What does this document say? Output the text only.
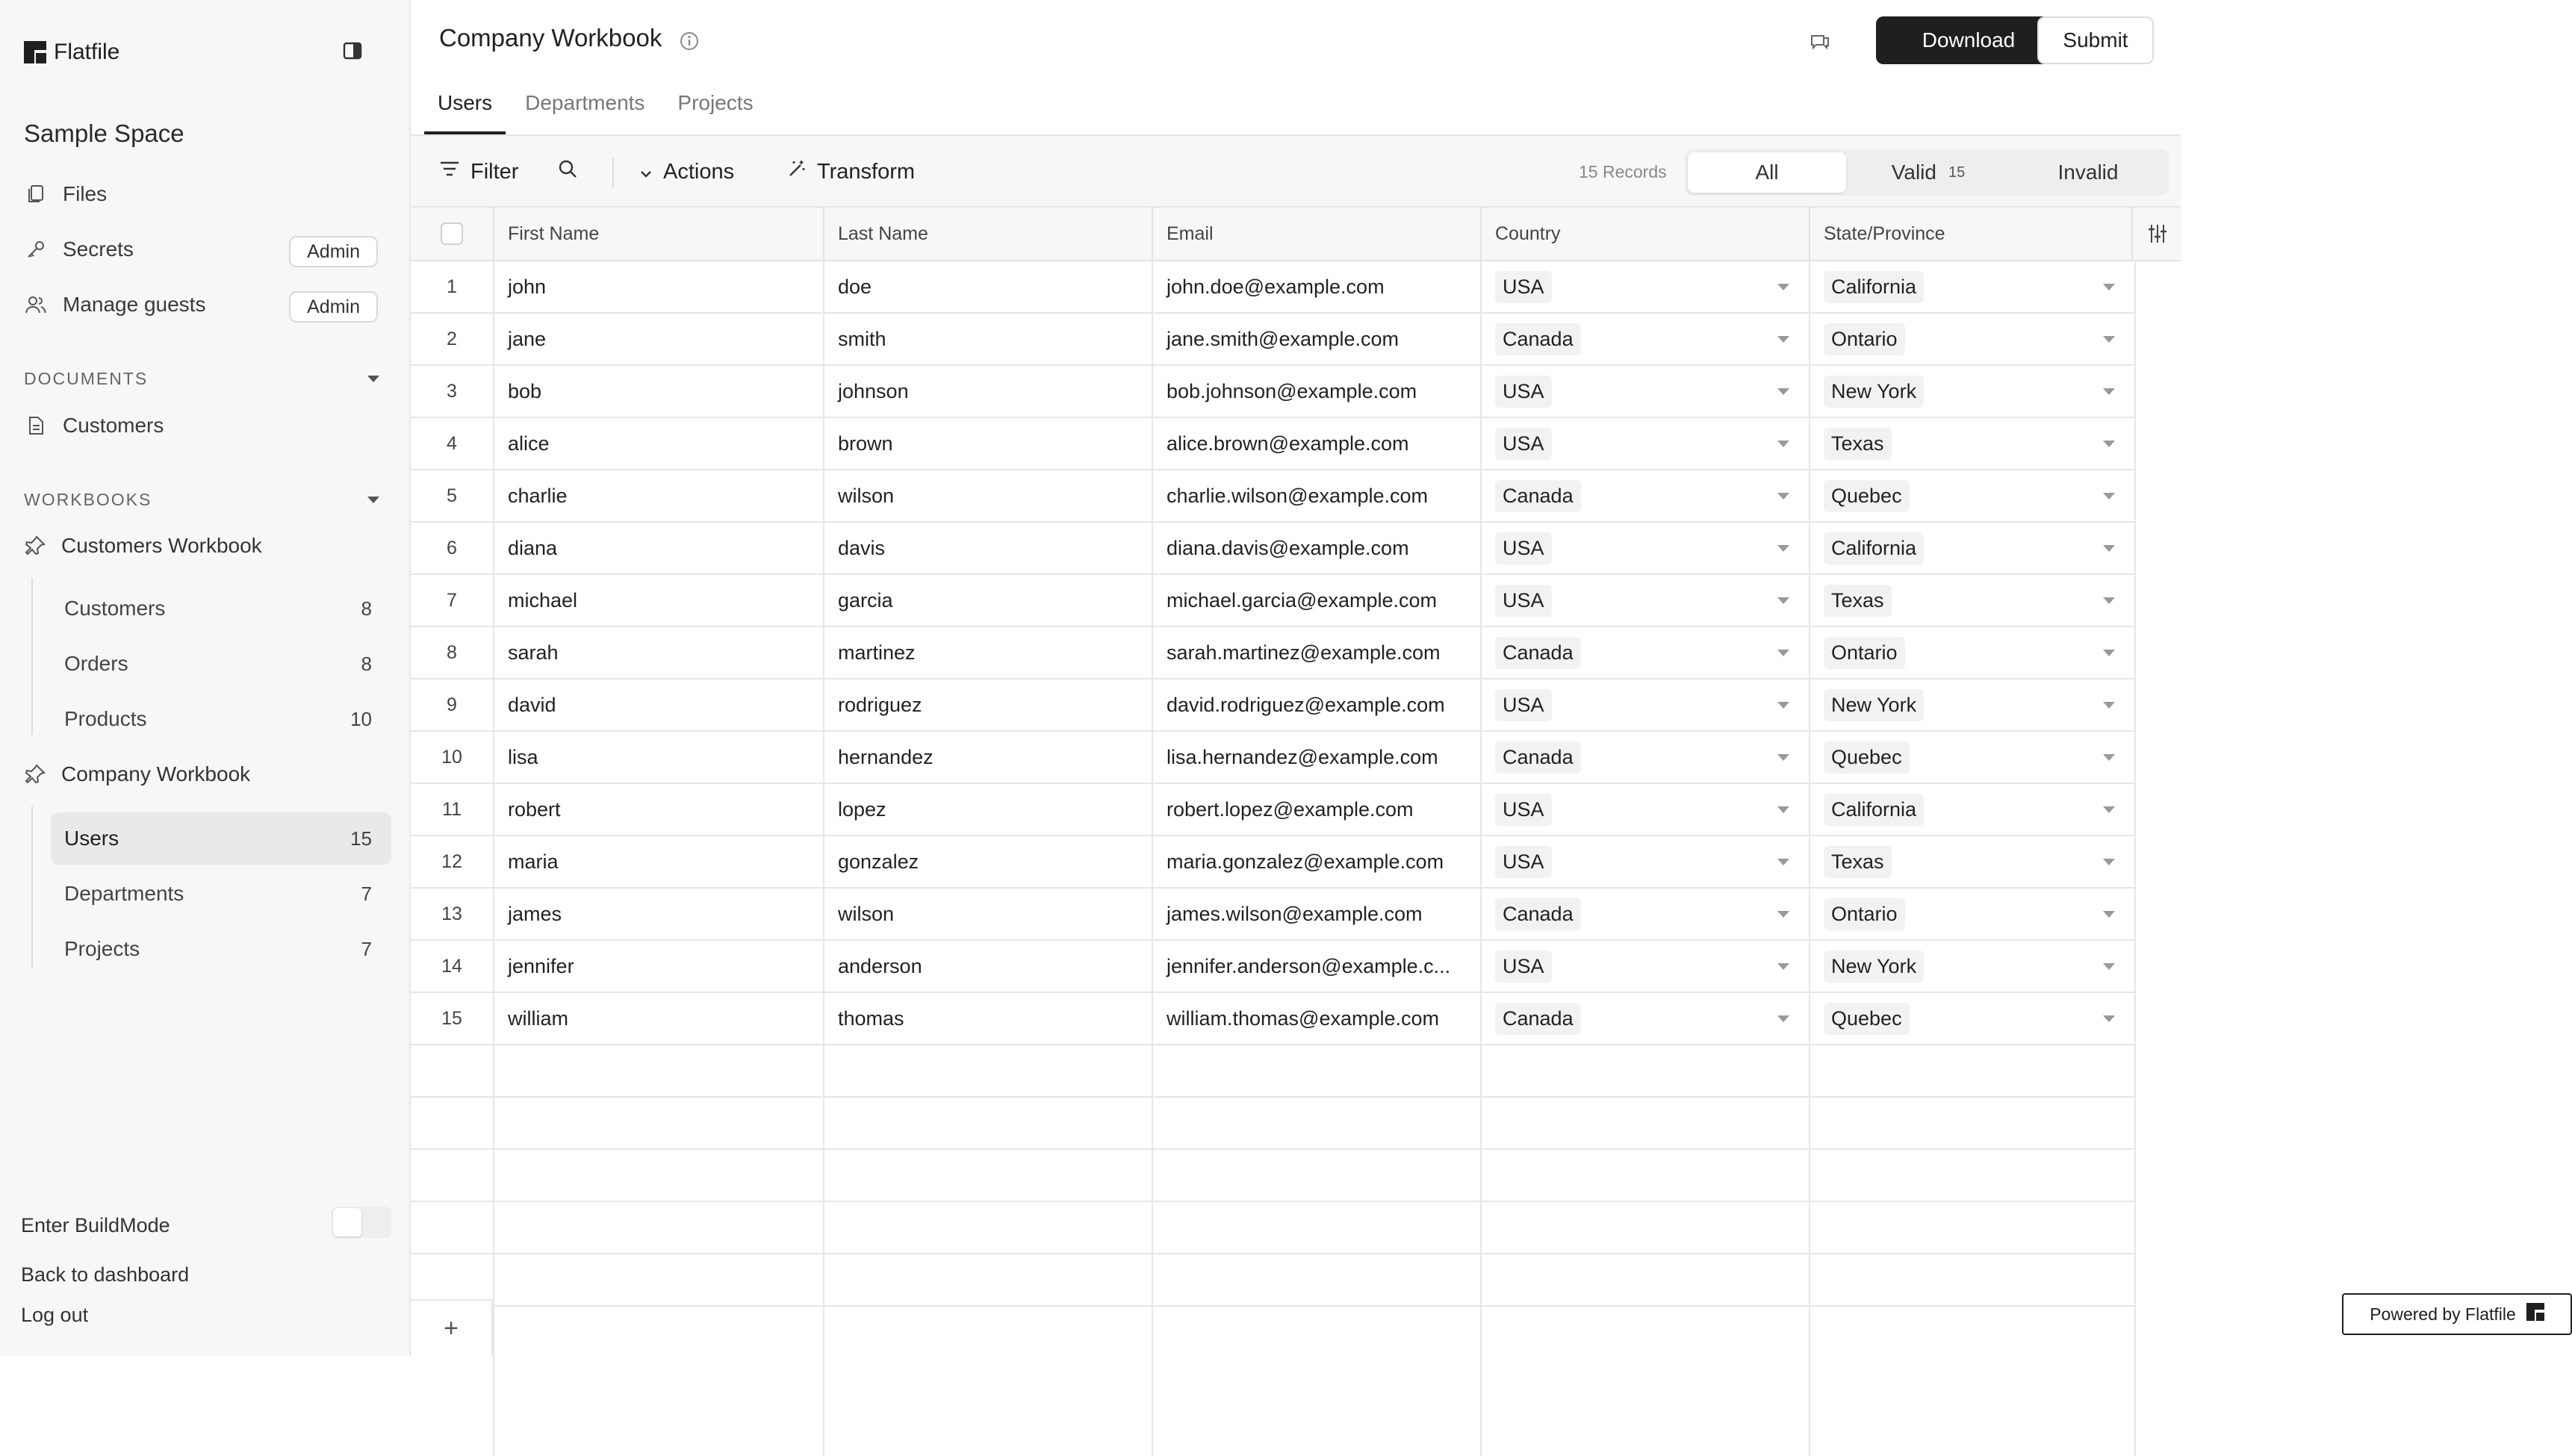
Flatfile
Sample Space
Files
Secrets	Admin
Manage guests	Admin
DOCUMENTS
Customers
WORKBOOKS
Customers Workbook
Customers	8
Orders	8
Products	10
Company Workbook
Users	15
Departments	7
Projects	7
Enter BuildMode
Back to dashboard
Log out
Company Workbook	Download	Submit
Users	Departments	Projects
Filter	Actions	Transform	15 Records	All	Valid 15	Invalid
First Name	Last Name	Email	Country	State/Province
1	john	doe	john.doe@example.com	USA	California
2	jane	smith	jane.smith@example.com	Canada	Ontario
3	bob	johnson	bob.johnson@example.com	USA	New York
4	alice	brown	alice.brown@example.com	USA	Texas
5	charlie	wilson	charlie.wilson@example.com	Canada	Quebec
6	diana	davis	diana.davis@example.com	USA	California
7	michael	garcia	michael.garcia@example.com	USA	Texas
8	sarah	martinez	sarah.martinez@example.com	Canada	Ontario
9	david	rodriguez	david.rodriguez@example.com	USA	New York
10	lisa	hernandez	lisa.hernandez@example.com	Canada	Quebec
11	robert	lopez	robert.lopez@example.com	USA	California
12	maria	gonzalez	maria.gonzalez@example.com	USA	Texas
13	james	wilson	james.wilson@example.com	Canada	Ontario
14	jennifer	anderson	jennifer.anderson@example.c...	USA	New York
15	william	thomas	william.thomas@example.com	Canada	Quebec
+	Powered by Flatfile
